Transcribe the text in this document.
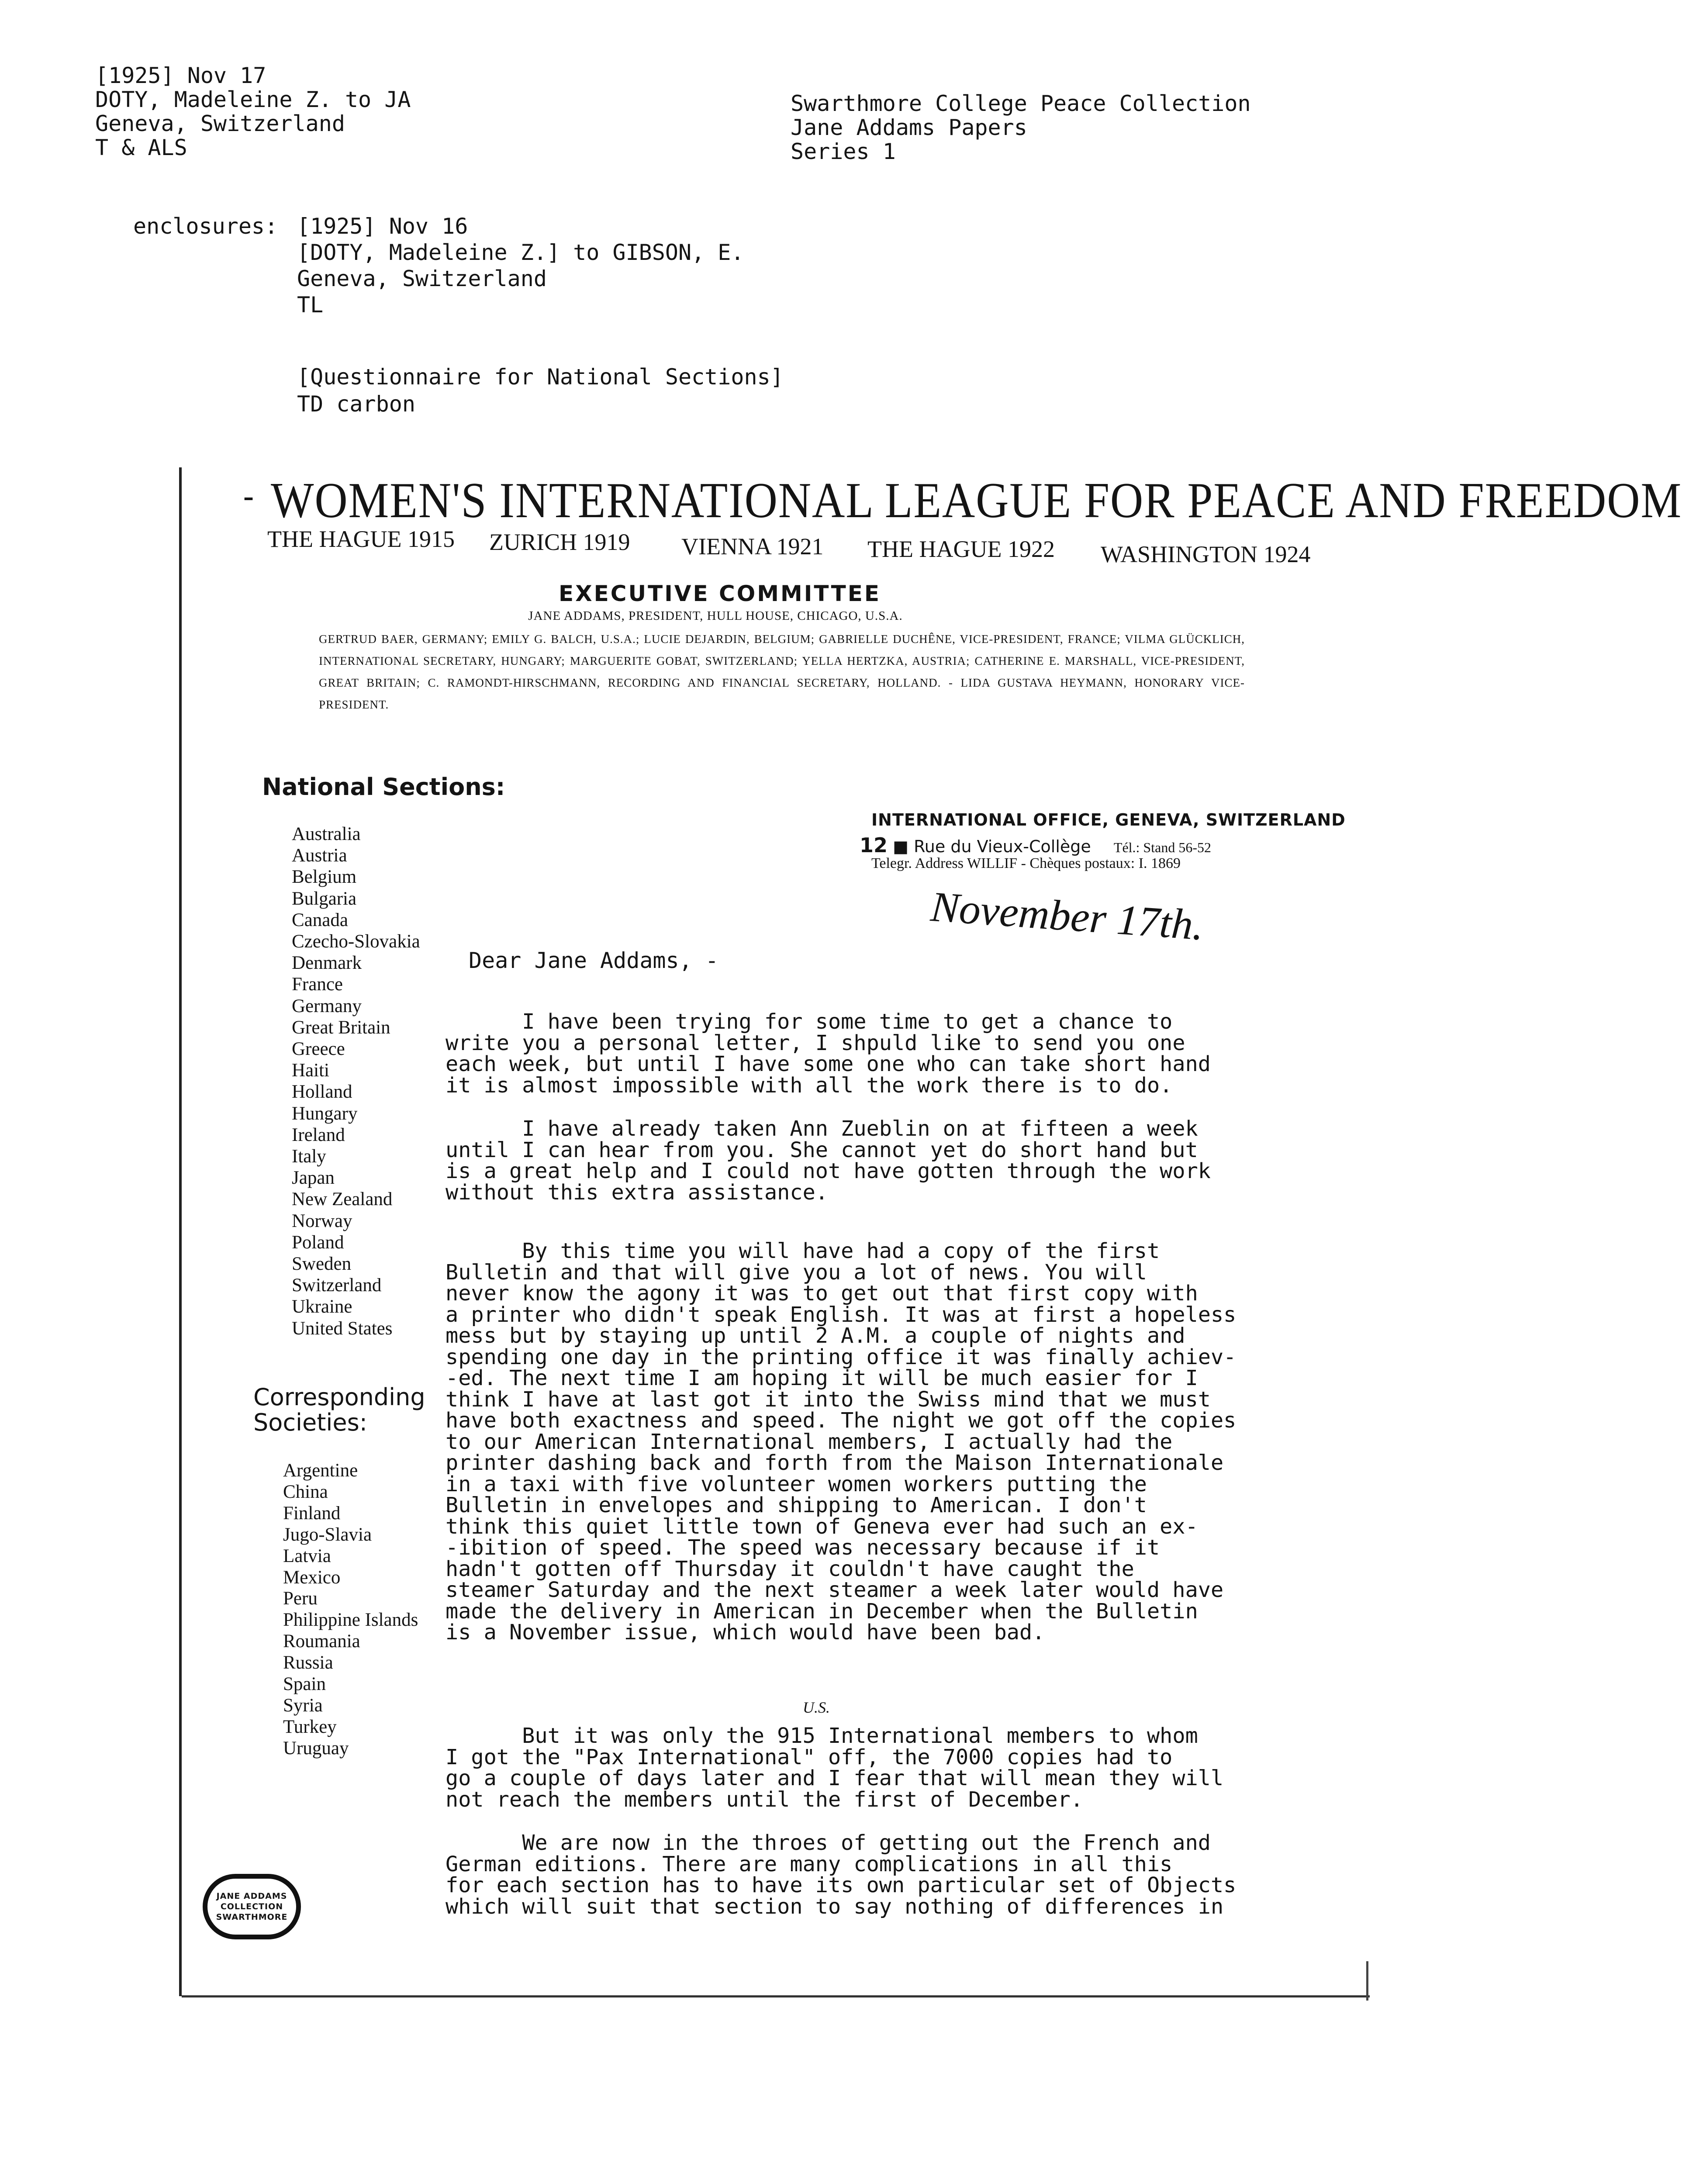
[1925] Nov 17
DOTY, Madeleine Z. to JA
Geneva, Switzerland
T & ALS
Swarthmore College Peace Collection
Jane Addams Papers
Series 1
enclosures: [1925] Nov 16
[DOTY, Madeleine Z.] to GIBSON, E.
Geneva, Switzerland
TL
[Questionnaire for National Sections]
TD carbon
- WOMEN'S INTERNATIONAL LEAGUE FOR PEACE AND FREEDOM
THE HAGUE 1915 ZURICH 1919 VIENNA 1921 THE HAGUE 1922 WASHINGTON 1924
EXECUTIVE COMMITTEE
JANE ADDAMS, PRESIDENT, HULL HOUSE, CHICAGO, U.S.A.
GERTRUD BAER, GERMANY; EMILY G. BALCH, U.S.A.; LUCIE DEJARDIN, BELGIUM; GABRIELLE DUCHÊNE, VICE-PRESIDENT, FRANCE; VILMA GLÜCKLICH, INTERNATIONAL SECRETARY, HUNGARY; MARGUERITE GOBAT, SWITZERLAND; YELLA HERTZKA, AUSTRIA; CATHERINE E. MARSHALL, VICE-PRESIDENT, GREAT BRITAIN; C. RAMONDT-HIRSCHMANN, RECORDING AND FINANCIAL SECRETARY, HOLLAND. - LIDA GUSTAVA HEYMANN, HONORARY VICE-PRESIDENT.
National Sections:
Australia
Austria
Belgium
Bulgaria
Canada
Czecho-Slovakia
Denmark
France
Germany
Great Britain
Greece
Haiti
Holland
Hungary
Ireland
Italy
Japan
New Zealand
Norway
Poland
Sweden
Switzerland
Ukraine
United States
Corresponding
Societies:
Argentine
China
Finland
Jugo-Slavia
Latvia
Mexico
Peru
Philippine Islands
Roumania
Russia
Spain
Syria
Turkey
Uruguay
INTERNATIONAL OFFICE, GENEVA, SWITZERLAND
12 ■ Rue du Vieux-Collège Tél.: Stand 56-52
Telegr. Address WILLIF - Chèques postaux: I. 1869
November 17th.
Dear Jane Addams, -
I have been trying for some time to get a chance to
write you a personal letter, I shpuld like to send you one
each week, but until I have some one who can take short hand
it is almost impossible with all the work there is to do.
I have already taken Ann Zueblin on at fifteen a week
until I can hear from you. She cannot yet do short hand but
is a great help and I could not have gotten through the work
without this extra assistance.
By this time you will have had a copy of the first
Bulletin and that will give you a lot of news. You will
never know the agony it was to get out that first copy with
a printer who didn't speak English. It was at first a hopeless
mess but by staying up until 2 A.M. a couple of nights and
spending one day in the printing office it was finally achiev-
-ed. The next time I am hoping it will be much easier for I
think I have at last got it into the Swiss mind that we must
have both exactness and speed. The night we got off the copies
to our American International members, I actually had the
printer dashing back and forth from the Maison Internationale
in a taxi with five volunteer women workers putting the
Bulletin in envelopes and shipping to American. I don't
think this quiet little town of Geneva ever had such an ex-
-ibition of speed. The speed was necessary because if it
hadn't gotten off Thursday it couldn't have caught the
steamer Saturday and the next steamer a week later would have
made the delivery in American in December when the Bulletin
is a November issue, which would have been bad.
U.S.
But it was only the 915 International members to whom
I got the "Pax International" off, the 7000 copies had to
go a couple of days later and I fear that will mean they will
not reach the members until the first of December.
We are now in the throes of getting out the French and
German editions. There are many complications in all this
for each section has to have its own particular set of Objects
which will suit that section to say nothing of differences in
JANE ADDAMS
COLLECTION
SWARTHMORE
